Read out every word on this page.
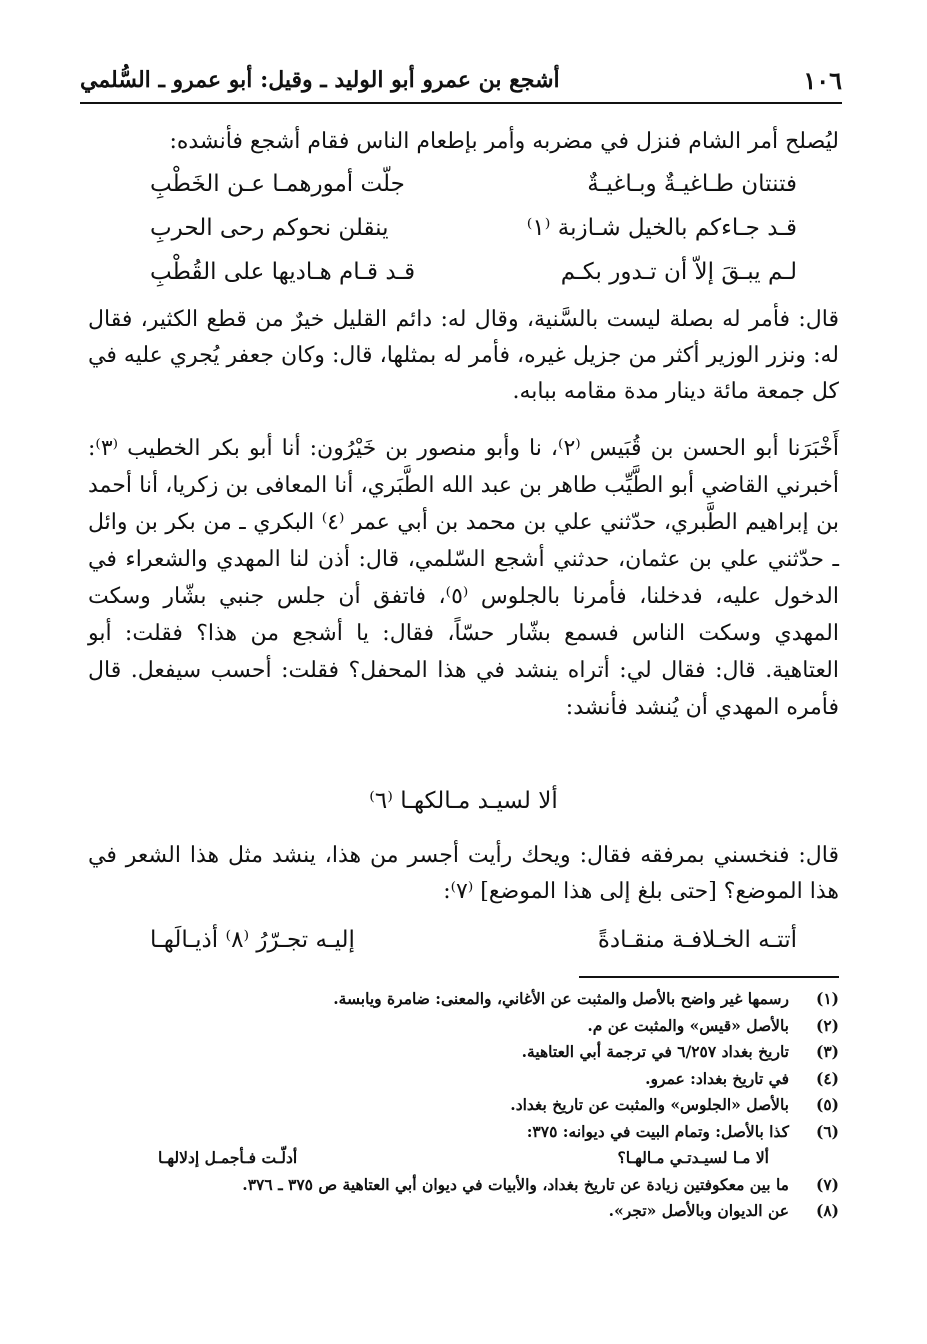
١٠٦
أشجع بن عمرو أبو الوليد ـ وقيل: أبو عمرو ـ السُّلمي

ليُصلح أمر الشام فنزل في مضربه وأمر بإطعام الناس فقام أشجع فأنشده:

فتنتان طـاغيـةٌ وبـاغيـةٌ
جلّت أمورهمـا عـن الخَطْبِ
قـد جـاءكم بالخيل شـازبة ⁽١⁾
ينقلن نحوكم رحى الحربِ
لـم يبـقَ إلاّ أن تـدور بكـم
قـد قـام هـاديها على القُطْبِ

قال: فأمر له بصلة ليست بالسَّنية، وقال له: دائم القليل خيرٌ من قطع الكثير، فقال له: ونزر الوزير أكثر من جزيل غيره، فأمر له بمثلها، قال: وكان جعفر يُجري عليه في كل جمعة مائة دينار مدة مقامه ببابه.

أَخْبَرَنا أبو الحسن بن قُبَيس ⁽٢⁾، نا وأبو منصور بن خَيْرُون: أنا أبو بكر الخطيب ⁽٣⁾: أخبرني القاضي أبو الطَّيِّب طاهر بن عبد الله الطَّبَري، أنا المعافى بن زكريا، أنا أحمد بن إبراهيم الطَّبري، حدّثني علي بن محمد بن أبي عمر ⁽٤⁾ البكري ـ من بكر بن وائل ـ حدّثني علي بن عثمان، حدثني أشجع السّلمي، قال: أذن لنا المهدي والشعراء في الدخول عليه، فدخلنا، فأمرنا بالجلوس ⁽٥⁾، فاتفق أن جلس جنبي بشّار وسكت المهدي وسكت الناس فسمع بشّار حسّاً، فقال: يا أشجع من هذا؟ فقلت: أبو العتاهية. قال: فقال لي: أتراه ينشد في هذا المحفل؟ فقلت: أحسب سيفعل. قال فأمره المهدي أن يُنشد فأنشد:

ألا لسيـد مـالكهـا ⁽٦⁾

قال: فنخسني بمرفقه فقال: ويحك رأيت أجسر من هذا، ينشد مثل هذا الشعر في هذا الموضع؟ [حتى بلغ إلى هذا الموضع] ⁽٧⁾:

أتتـه الخـلافـة منقـادةً
إليـه تجـرّرُ ⁽٨⁾ أذيـالَهـا
(١)
رسمها غير واضح بالأصل والمثبت عن الأغاني، والمعنى: ضامرة ويابسة.
(٢)
بالأصل «قيس» والمثبت عن م.
(٣)
تاريخ بغداد ٦/٢٥٧ في ترجمة أبي العتاهية.
(٤)
في تاريخ بغداد: عمرو.
(٥)
بالأصل «الجلوس» والمثبت عن تاريخ بغداد.
(٦)
كذا بالأصل: وتمام البيت في ديوانه: ٣٧٥:
ألا مـا لسيـدتـي مـالهـا؟
أدلّـت فـأجمـل إدلالهـا
(٧)
ما بين معكوفتين زيادة عن تاريخ بغداد، والأبيات في ديوان أبي العتاهية ص ٣٧٥ ـ ٣٧٦.
(٨)
عن الديوان وبالأصل «تجر».
